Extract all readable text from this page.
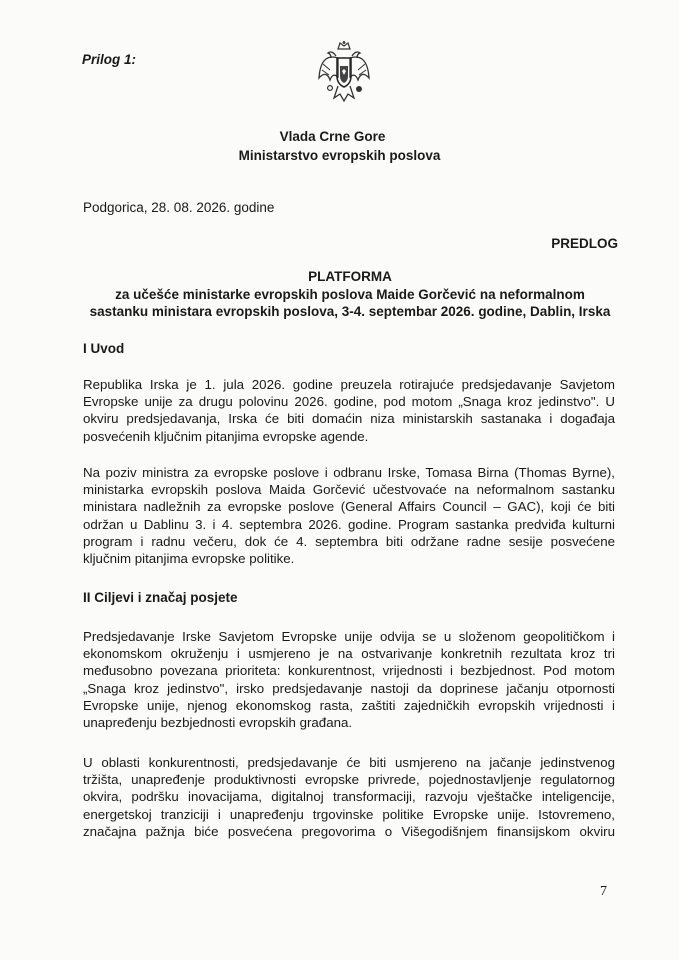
Prilog 1:
Vlada Crne Gore
Ministarstvo evropskih poslova
Podgorica, 28. 08. 2026. godine
PREDLOG
PLATFORMA
za učešće ministarke evropskih poslova Maide Gorčević na neformalnom
sastanku ministara evropskih poslova, 3-4. septembar 2026. godine, Dablin, Irska
I Uvod
Republika Irska je 1. jula 2026. godine preuzela rotirajuće predsjedavanje Savjetom
Evropske unije za drugu polovinu 2026. godine, pod motom „Snaga kroz jedinstvo". U
okviru predsjedavanja, Irska će biti domaćin niza ministarskih sastanaka i događaja
posvećenih ključnim pitanjima evropske agende.
Na poziv ministra za evropske poslove i odbranu Irske, Tomasa Birna (Thomas Byrne),
ministarka evropskih poslova Maida Gorčević učestvovaće na neformalnom sastanku
ministara nadležnih za evropske poslove (General Affairs Council – GAC), koji će biti
održan u Dablinu 3. i 4. septembra 2026. godine. Program sastanka predviđa kulturni
program i radnu večeru, dok će 4. septembra biti održane radne sesije posvećene
ključnim pitanjima evropske politike.
II Ciljevi i značaj posjete
Predsjedavanje Irske Savjetom Evropske unije odvija se u složenom geopolitičkom i
ekonomskom okruženju i usmjereno je na ostvarivanje konkretnih rezultata kroz tri
međusobno povezana prioriteta: konkurentnost, vrijednosti i bezbjednost. Pod motom
„Snaga kroz jedinstvo", irsko predsjedavanje nastoji da doprinese jačanju otpornosti
Evropske unije, njenog ekonomskog rasta, zaštiti zajedničkih evropskih vrijednosti i
unapređenju bezbjednosti evropskih građana.
U oblasti konkurentnosti, predsjedavanje će biti usmjereno na jačanje jedinstvenog
tržišta, unapređenje produktivnosti evropske privrede, pojednostavljenje regulatornog
okvira, podršku inovacijama, digitalnoj transformaciji, razvoju vještačke inteligencije,
energetskoj tranziciji i unapređenju trgovinske politike Evropske unije. Istovremeno,
značajna pažnja biće posvećena pregovorima o Višegodišnjem finansijskom okviru
7
